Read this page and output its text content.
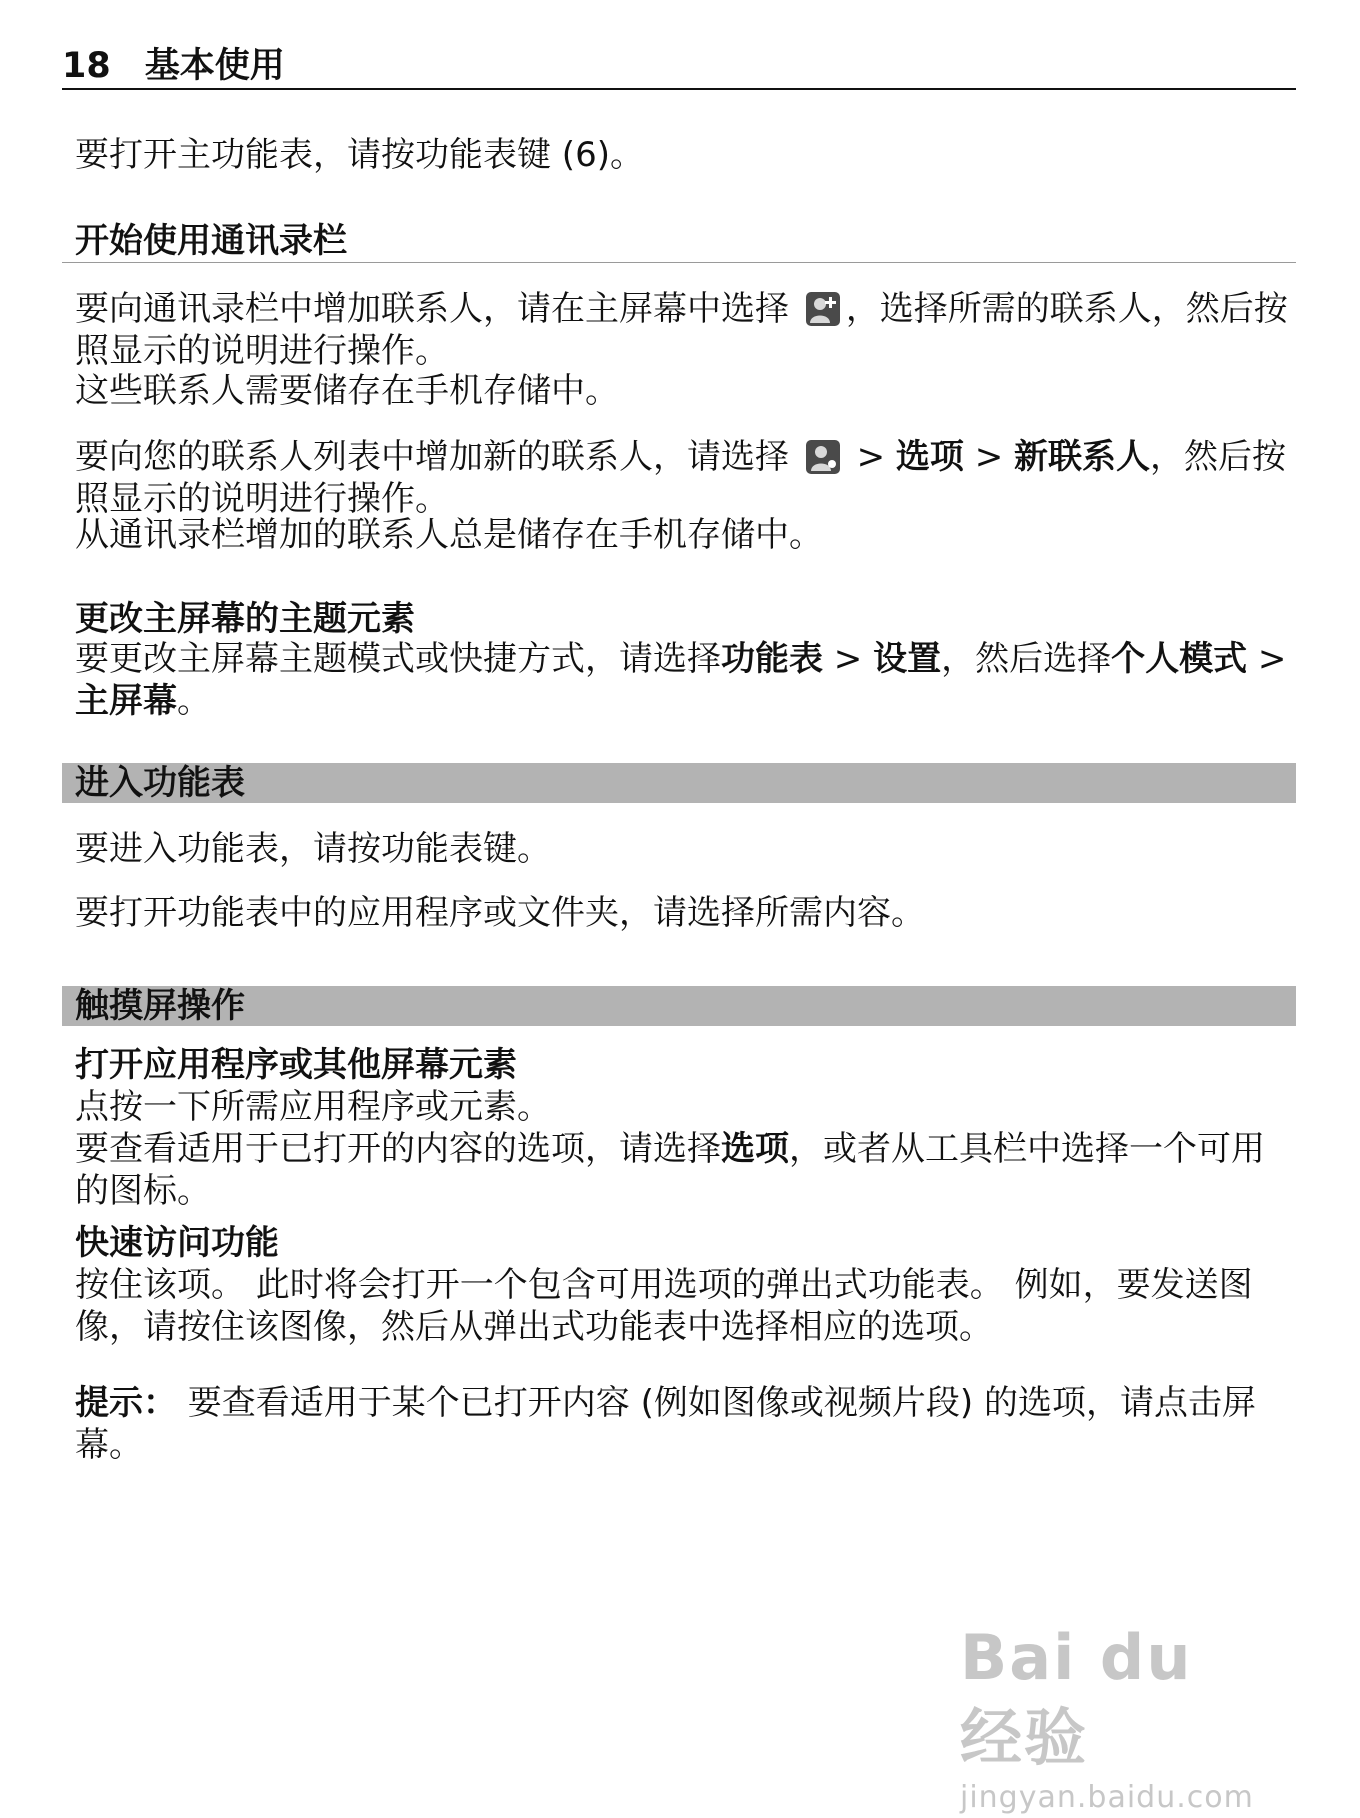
18 基本使用

要打开主功能表，请按功能表键 (6)。

开始使用通讯录栏

要向通讯录栏中增加联系人，请在主屏幕中选择 ，选择所需的联系人，然后按照显示的说明进行操作。

这些联系人需要储存在手机存储中。

要向您的联系人列表中增加新的联系人，请选择  > 选项 > 新联系人，然后按照显示的说明进行操作。

从通讯录栏增加的联系人总是储存在手机存储中。

更改主屏幕的主题元素

要更改主屏幕主题模式或快捷方式，请选择功能表 > 设置，然后选择个人模式 > 主屏幕。

进入功能表

要进入功能表，请按功能表键。

要打开功能表中的应用程序或文件夹，请选择所需内容。

触摸屏操作
打开应用程序或其他屏幕元素

点按一下所需应用程序或元素。

要查看适用于已打开的内容的选项，请选择选项，或者从工具栏中选择一个可用的图标。

快速访问功能

按住该项。 此时将会打开一个包含可用选项的弹出式功能表。 例如，要发送图像，请按住该图像，然后从弹出式功能表中选择相应的选项。

提示： 要查看适用于某个已打开内容 (例如图像或视频片段) 的选项，请点击屏幕。

Bai du 经验
jingyan.baidu.com
